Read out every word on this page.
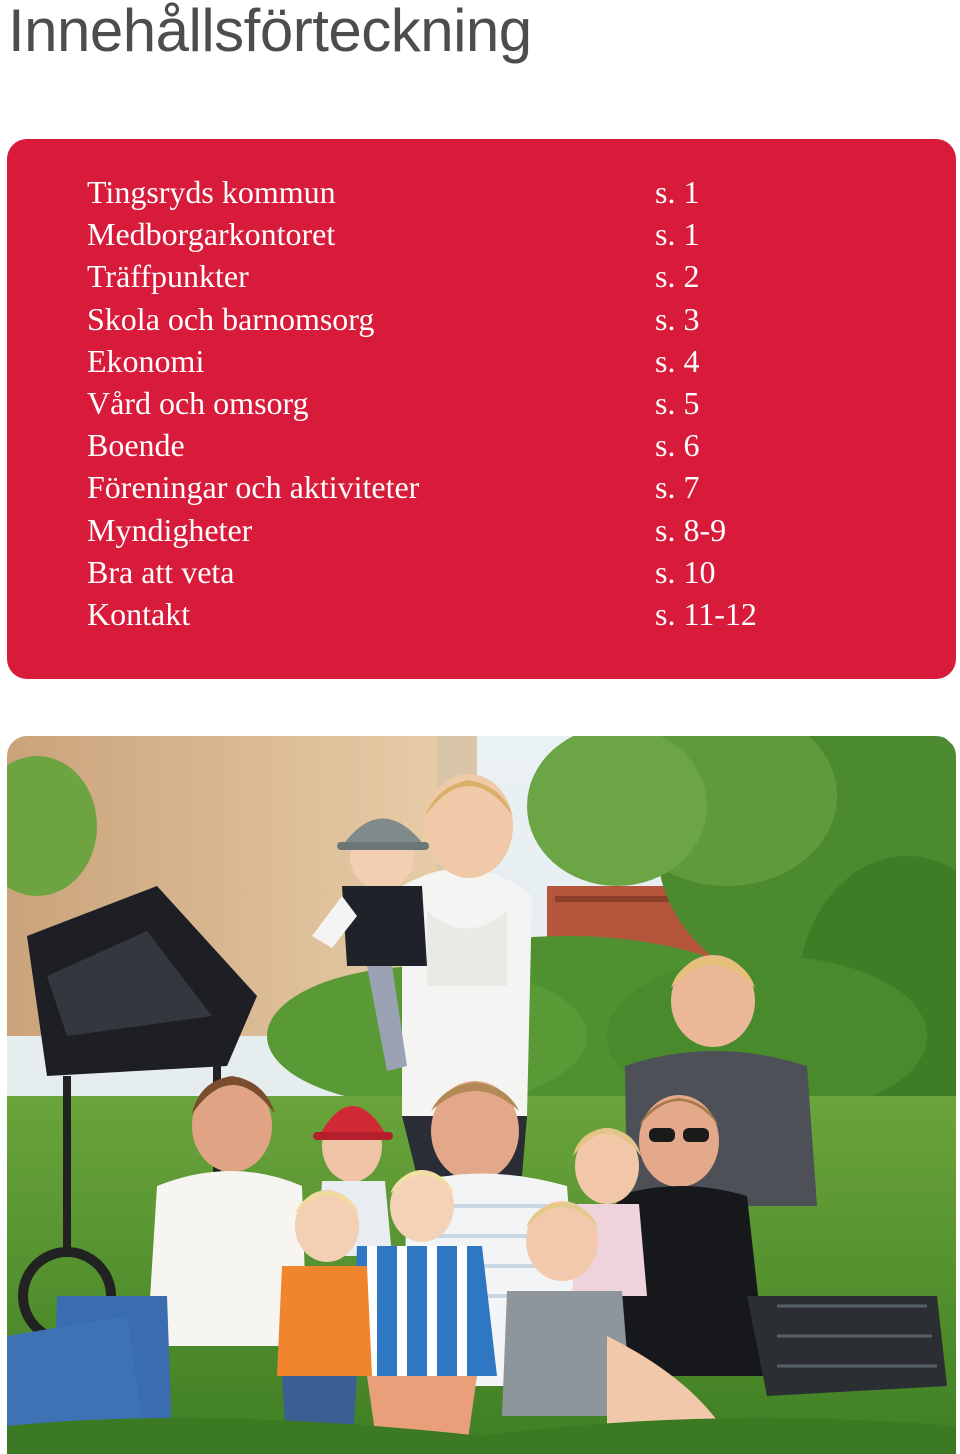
Innehållsförteckning
Tingsryds kommun	s. 1
Medborgarkontoret	s. 1
Träffpunkter	s. 2
Skola och barnomsorg	s. 3
Ekonomi	s. 4
Vård och omsorg	s. 5
Boende	s. 6
Föreningar och aktiviteter	s. 7
Myndigheter	s. 8-9
Bra att veta	s. 10
Kontakt	s. 11-12
